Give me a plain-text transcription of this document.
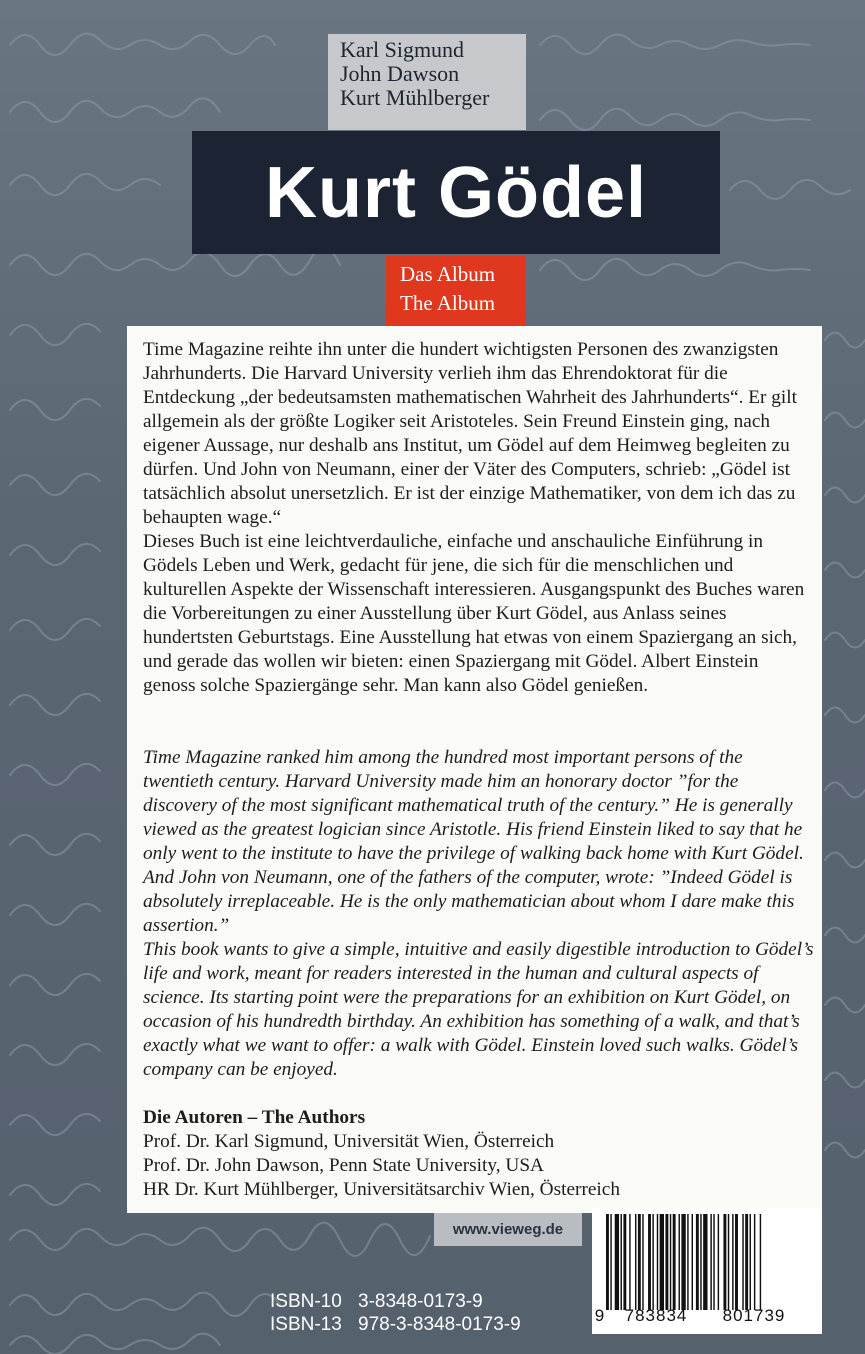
Karl Sigmund
John Dawson
Kurt Mühlberger
Kurt Gödel
Das Album
The Album

Time Magazine reihte ihn unter die hundert wichtigsten Personen des zwanzigsten Jahrhunderts. Die Harvard University verlieh ihm das Ehrendoktorat für die Entdeckung „der bedeutsamsten mathematischen Wahrheit des Jahrhunderts“. Er gilt allgemein als der größte Logiker seit Aristoteles. Sein Freund Einstein ging, nach eigener Aussage, nur deshalb ans Institut, um Gödel auf dem Heimweg begleiten zu dürfen. Und John von Neumann, einer der Väter des Computers, schrieb: „Gödel ist tatsächlich absolut unersetzlich. Er ist der einzige Mathematiker, von dem ich das zu behaupten wage.“

Dieses Buch ist eine leichtverdauliche, einfache und anschauliche Einführung in Gödels Leben und Werk, gedacht für jene, die sich für die menschlichen und kulturellen Aspekte der Wissenschaft interessieren. Ausgangspunkt des Buches waren die Vorbereitungen zu einer Ausstellung über Kurt Gödel, aus Anlass seines hundertsten Geburtstags. Eine Ausstellung hat etwas von einem Spaziergang an sich, und gerade das wollen wir bieten: einen Spaziergang mit Gödel. Albert Einstein genoss solche Spaziergänge sehr. Man kann also Gödel genießen.

Time Magazine ranked him among the hundred most important persons of the twentieth century. Harvard University made him an honorary doctor ”for the discovery of the most significant mathematical truth of the century.” He is generally viewed as the greatest logician since Aristotle. His friend Einstein liked to say that he only went to the institute to have the privilege of walking back home with Kurt Gödel. And John von Neumann, one of the fathers of the computer, wrote: ”Indeed Gödel is absolutely irreplaceable. He is the only mathematician about whom I dare make this assertion.”

This book wants to give a simple, intuitive and easily digestible introduction to Gödel’s life and work, meant for readers interested in the human and cultural aspects of science. Its starting point were the preparations for an exhibition on Kurt Gödel, on occasion of his hundredth birthday. An exhibition has something of a walk, and that’s exactly what we want to offer: a walk with Gödel. Einstein loved such walks. Gödel’s company can be enjoyed.

Die Autoren – The Authors
Prof. Dr. Karl Sigmund, Universität Wien, Österreich
Prof. Dr. John Dawson, Penn State University, USA
HR Dr. Kurt Mühlberger, Universitätsarchiv Wien, Österreich
www.vieweg.de
ISBN-10 3-8348-0173-9
ISBN-13 978-3-8348-0173-9	9	783834	801739
